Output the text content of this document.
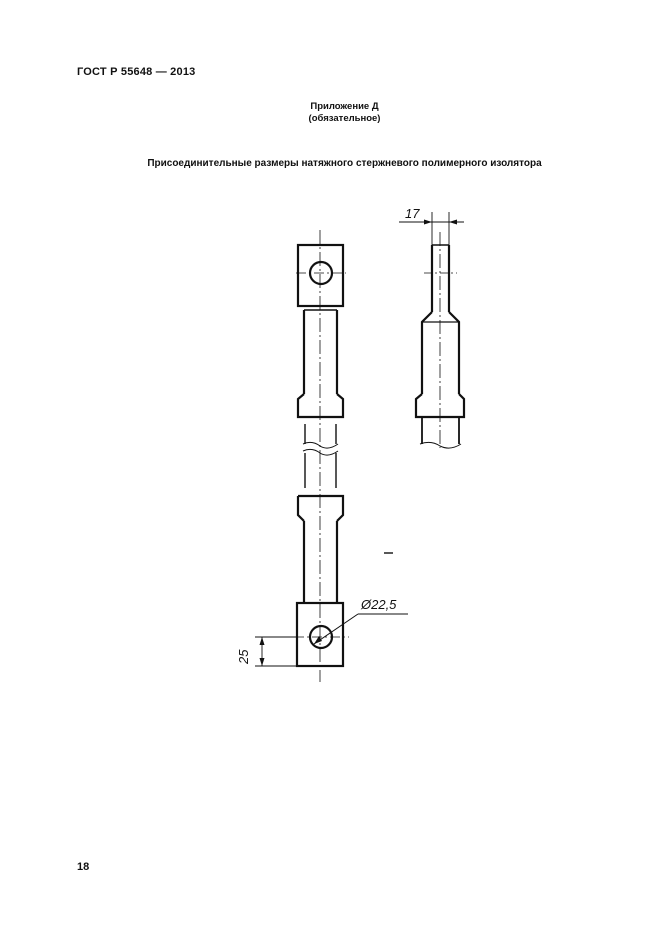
ГОСТ Р 55648 — 2013
Приложение Д
(обязательное)
Присоединительные размеры натяжного стержневого полимерного изолятора
17
Ø22,5
25
18
